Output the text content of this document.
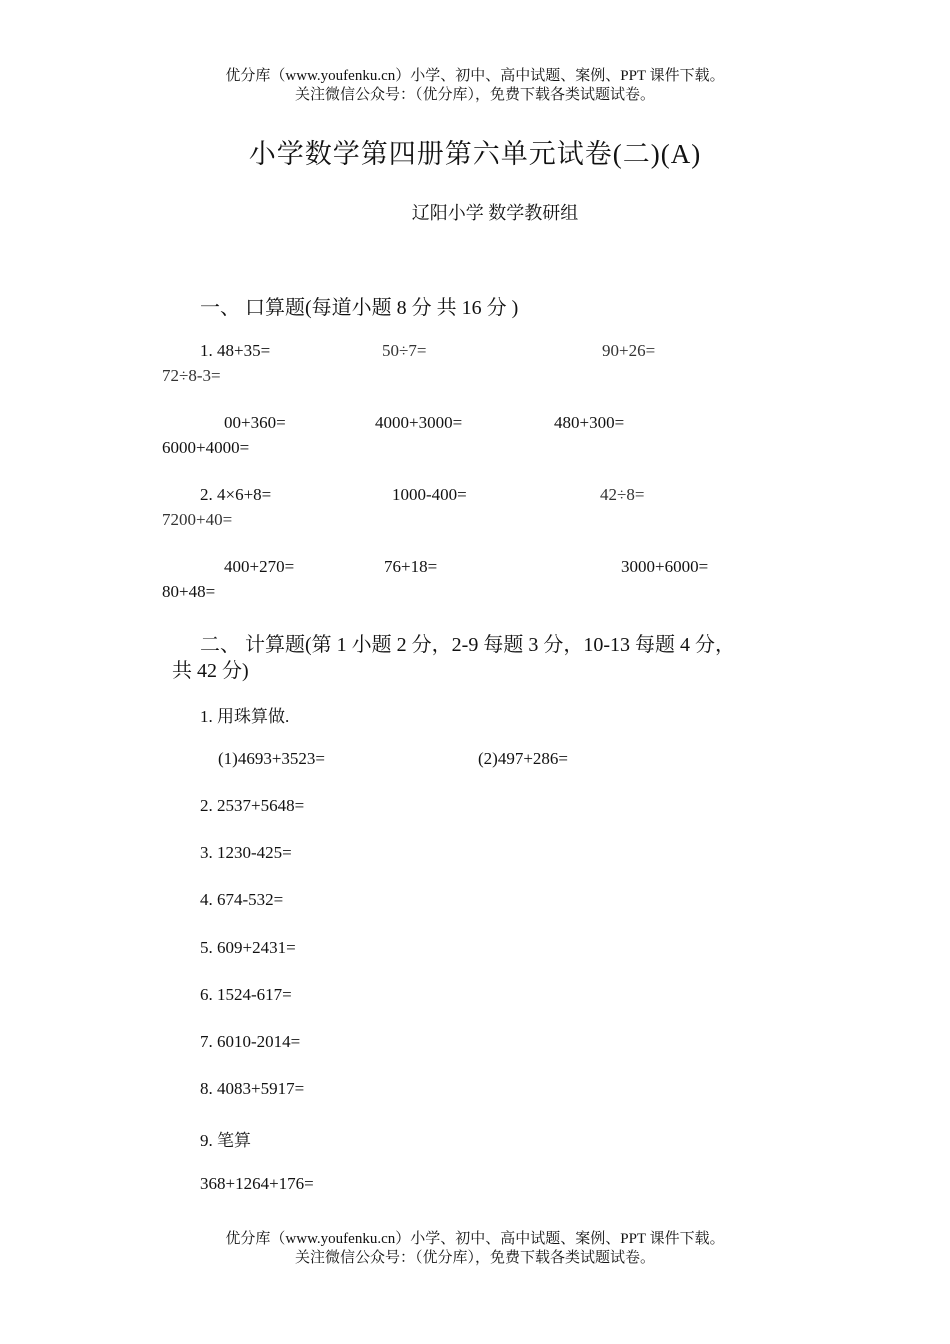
优分库（www.youfenku.cn）小学、初中、高中试题、案例、PPT 课件下载。
关注微信公众号：（优分库），免费下载各类试题试卷。
小学数学第四册第六单元试卷(二)(A)
辽阳小学 数学教研组
一、 口算题(每道小题 8 分 共 16 分 )
1. 48+35=	50÷7=	90+26=
72÷8-3=
00+360=	4000+3000=	480+300=
6000+4000=
2. 4×6+8=	1000-400=	42÷8=
7200+40=
400+270=	76+18=	3000+6000=
80+48=
二、 计算题(第 1 小题 2 分，2-9 每题 3 分，10-13 每题 4 分，
共 42 分)
1. 用珠算做.
(1)4693+3523=	(2)497+286=
2. 2537+5648=
3. 1230-425=
4. 674-532=
5. 609+2431=
6. 1524-617=
7. 6010-2014=
8. 4083+5917=
9. 笔算
368+1264+176=
优分库（www.youfenku.cn）小学、初中、高中试题、案例、PPT 课件下载。
关注微信公众号：（优分库），免费下载各类试题试卷。
